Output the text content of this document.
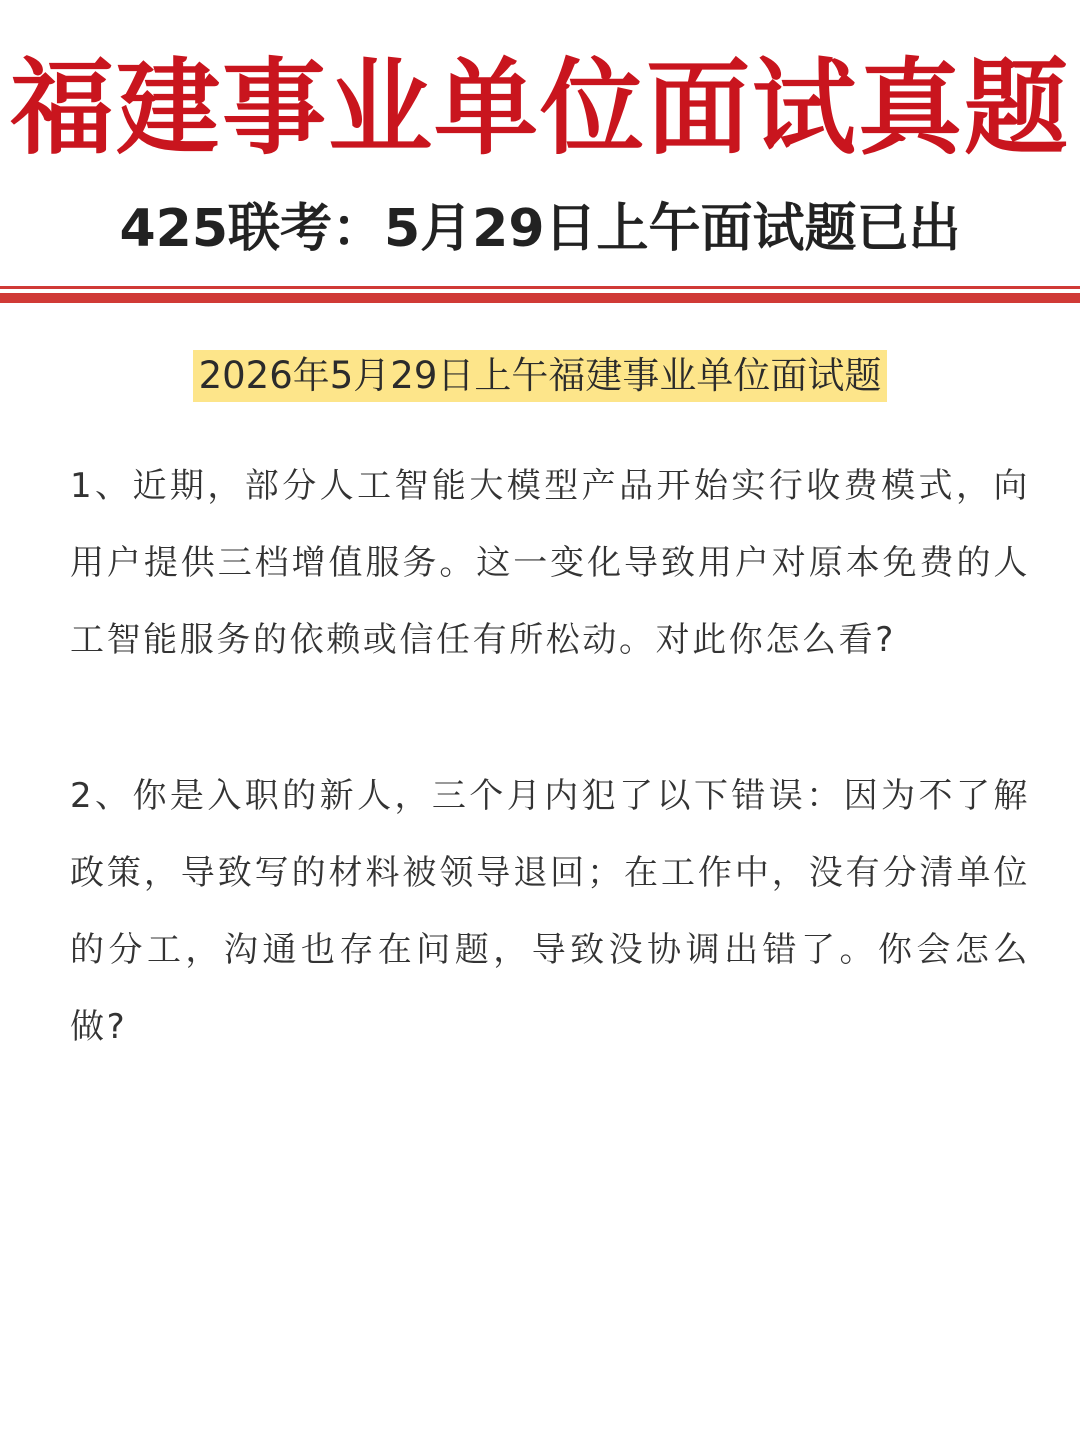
福建事业单位面试真题
425联考：5月29日上午面试题已出
2026年5月29日上午福建事业单位面试题

1、近期，部分人工智能大模型产品开始实行收费模式，向用户提供三档增值服务。这一变化导致用户对原本免费的人工智能服务的依赖或信任有所松动。对此你怎么看?

2、你是入职的新人，三个月内犯了以下错误：因为不了解政策，导致写的材料被领导退回；在工作中，没有分清单位的分工，沟通也存在问题，导致没协调出错了。你会怎么做?
